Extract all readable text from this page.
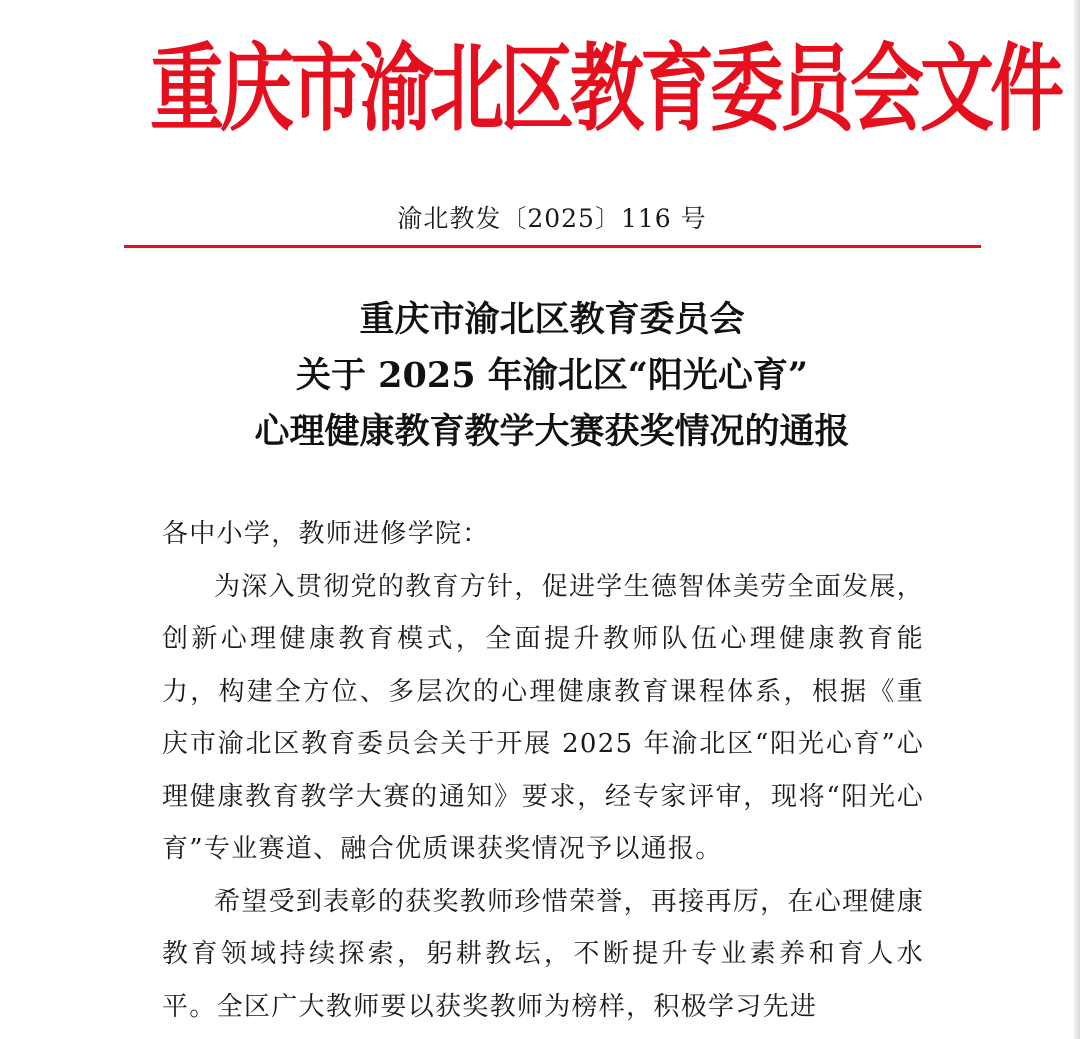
重庆市渝北区教育委员会文件
渝北教发〔2025〕116 号
重庆市渝北区教育委员会
关于 2025 年渝北区“阳光心育”
心理健康教育教学大赛获奖情况的通报

各中小学，教师进修学院：

为深入贯彻党的教育方针，促进学生德智体美劳全面发展，创新心理健康教育模式，全面提升教师队伍心理健康教育能力，构建全方位、多层次的心理健康教育课程体系，根据《重庆市渝北区教育委员会关于开展 2025 年渝北区“阳光心育”心理健康教育教学大赛的通知》要求，经专家评审，现将“阳光心育”专业赛道、融合优质课获奖情况予以通报。

希望受到表彰的获奖教师珍惜荣誉，再接再厉，在心理健康教育领域持续探索，躬耕教坛，不断提升专业素养和育人水平。全区广大教师要以获奖教师为榜样，积极学习先进
